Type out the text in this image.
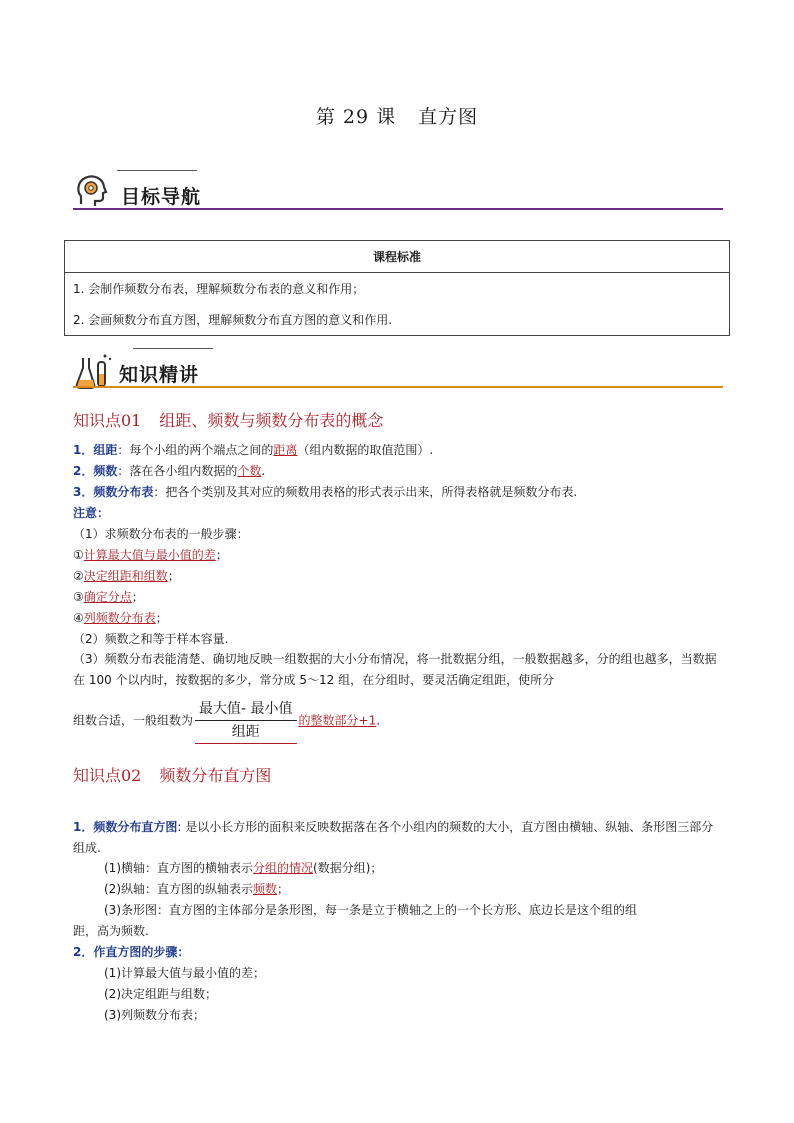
第 29 课 直方图
目标导航
课程标准
1. 会制作频数分布表，理解频数分布表的意义和作用；
2. 会画频数分布直方图，理解频数分布直方图的意义和作用.
知识精讲
知识点01 组距、频数与频数分布表的概念
1．组距：每个小组的两个端点之间的距离（组内数据的取值范围）.
2．频数：落在各小组内数据的个数.
3．频数分布表：把各个类别及其对应的频数用表格的形式表示出来，所得表格就是频数分布表.
注意：
（1）求频数分布表的一般步骤：
①计算最大值与最小值的差；
②决定组距和组数；
③确定分点；
④列频数分布表；
（2）频数之和等于样本容量.
（3）频数分布表能清楚、确切地反映一组数据的大小分布情况，将一批数据分组，一般数据越多，分的组也越多，当数据在 100 个以内时，按数据的多少，常分成 5～12 组，在分组时，要灵活确定组距，使所分
组数合适，一般组数为 $\frac{\text{最大值- 最小值}}{\text{组距}}$ 的整数部分+1.
知识点02 频数分布直方图
1．频数分布直方图: 是以小长方形的面积来反映数据落在各个小组内的频数的大小，直方图由横轴、纵轴、条形图三部分组成.
(1)横轴：直方图的横轴表示分组的情况(数据分组)；
(2)纵轴：直方图的纵轴表示频数；
(3)条形图：直方图的主体部分是条形图，每一条是立于横轴之上的一个长方形、底边长是这个组的组
距，高为频数.
2．作直方图的步骤：
(1)计算最大值与最小值的差；
(2)决定组距与组数；
(3)列频数分布表；
